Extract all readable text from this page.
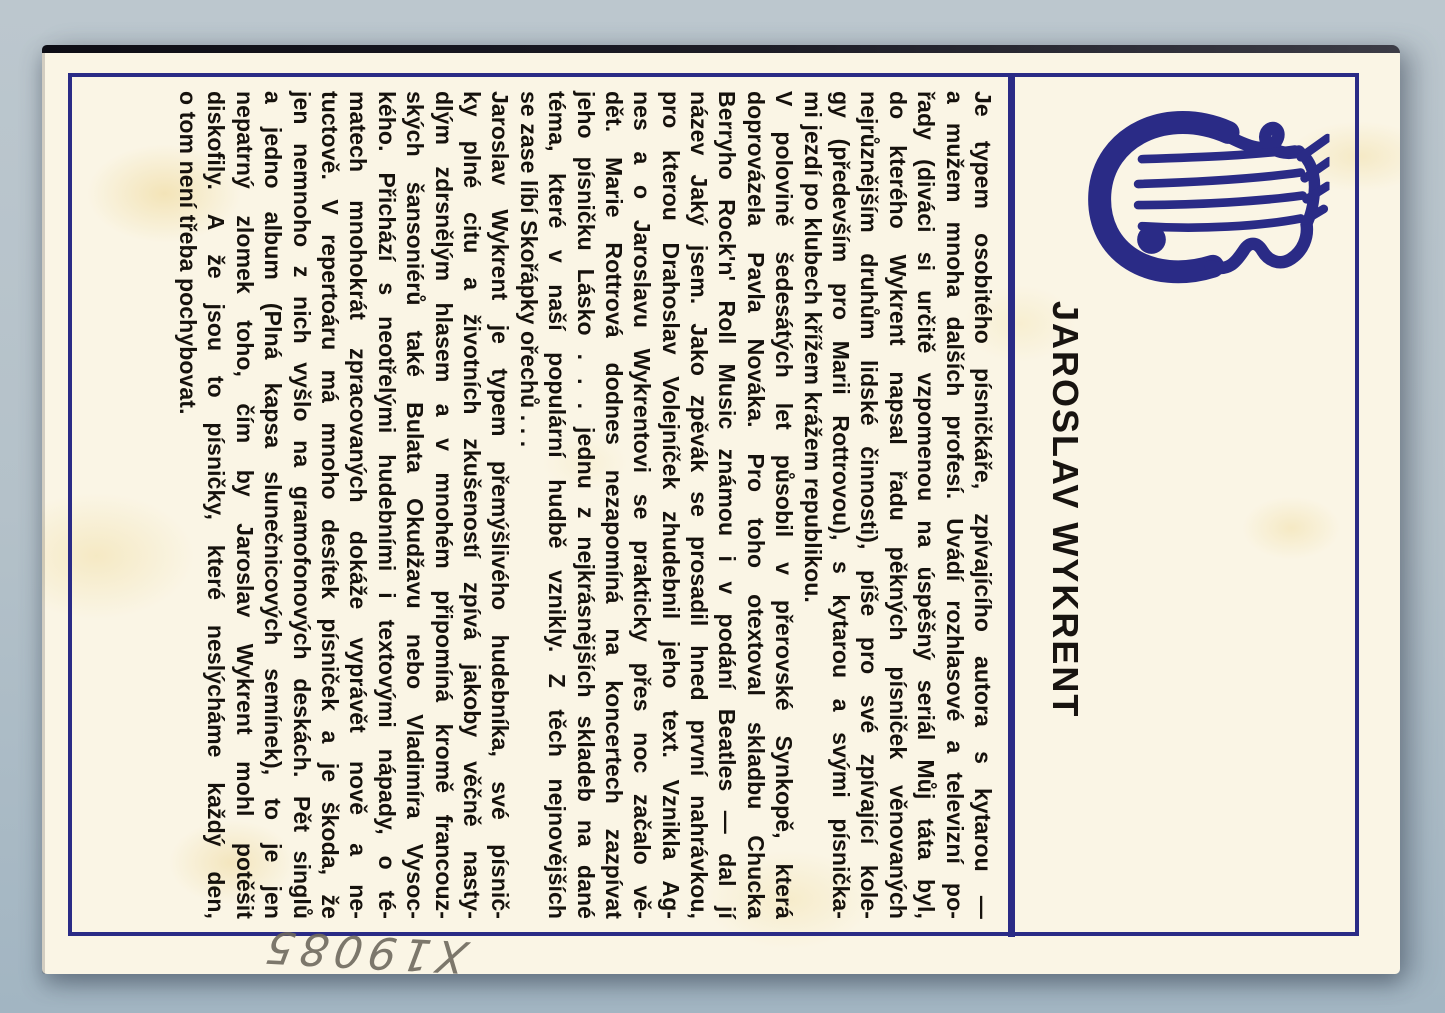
JAROSLAV WYKRENT
Je typem osobitého písničkáře, zpívajícího autora s kytarou —
a mužem mnoha dalších profesí. Uvádí rozhlasové a televizní po-
řady (diváci si určitě vzpomenou na úspěšný seriál Můj táta byl,
do kterého Wykrent napsal řadu pěkných písniček věnovaných
nejrůznějším druhům lidské činnosti), píše pro své zpívající kole-
gy (především pro Marii Rottrovou), s kytarou a svými písnička-
mi jezdí po klubech křížem krážem republikou.
V polovině šedesátých let působil v přerovské Synkopě, která
doprovázela Pavla Nováka. Pro toho otextoval skladbu Chucka
Berryho Rock'n' Roll Music známou i v podání Beatles — dal jí
název Jaký jsem. Jako zpěvák se prosadil hned první nahrávkou,
pro kterou Drahoslav Volejníček zhudebnil jeho text. Vznikla Ag-
nes a o Jaroslavu Wykrentovi se prakticky přes noc začalo vě-
dět. Marie Rottrová dodnes nezapomíná na koncertech zazpívat
jeho písničku Lásko . . . jednu z nejkrásnějších skladeb na dané
téma, které v naší populární hudbě vznikly. Z těch nejnovějších
se zase líbí Skořápky ořechů . . .
Jaroslav Wykrent je typem přemýšlivého hudebníka, své písnič-
ky plné citu a životních zkušeností zpívá jakoby věčně nasty-
dlým zdrsnělým hlasem a v mnohém připomíná kromě francouz-
ských šansoniérů také Bulata Okudžavu nebo Vladimíra Vysoc-
kého. Přichází s neotřelými hudebními i textovými nápady, o té-
matech mnohokrát zpracovaných dokáže vyprávět nově a ne-
tuctově. V repertoáru má mnoho desítek písniček a je škoda, že
jen nemnoho z nich vyšlo na gramofonových deskách. Pět singlů
a jedno album (Plná kapsa slunečnicových semínek), to je jen
nepatrný zlomek toho, čím by Jaroslav Wykrent mohl potěšit
diskofily. A že jsou to písničky, které neslýcháme každý den,
o tom není třeba pochybovat.
X19085
